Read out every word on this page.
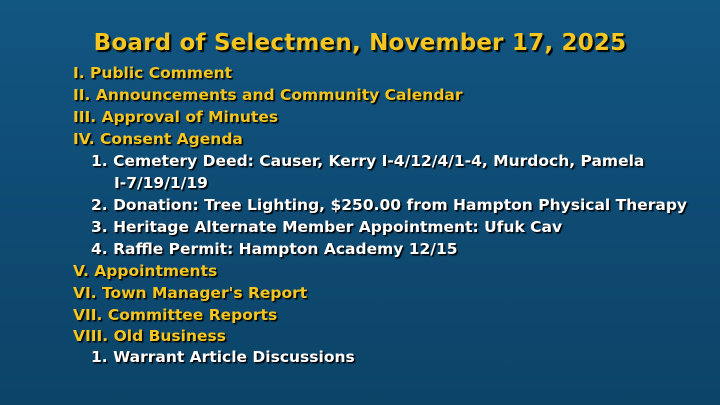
Board of Selectmen, November 17, 2025
I. Public Comment
II. Announcements and Community Calendar
III. Approval of Minutes
IV. Consent Agenda
1. Cemetery Deed: Causer, Kerry I-4/12/4/1-4, Murdoch, Pamela
I-7/19/1/19
2. Donation: Tree Lighting, $250.00 from Hampton Physical Therapy
3. Heritage Alternate Member Appointment: Ufuk Cav
4. Raffle Permit: Hampton Academy 12/15
V. Appointments
VI. Town Manager's Report
VII. Committee Reports
VIII. Old Business
1. Warrant Article Discussions
